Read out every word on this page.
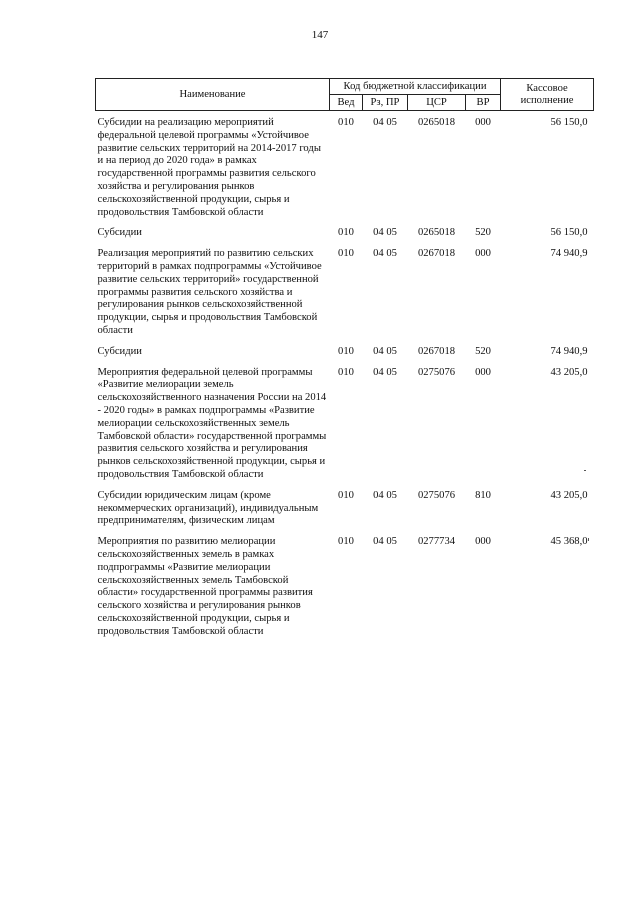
147
Наименование	Код бюджетной классификации				Кассовое исполнение
	Вед	Рз, ПР	ЦСР	ВР	
Субсидии на реализацию мероприятий федеральной целевой программы «Устойчивое развитие сельских территорий на 2014-2017 годы и на период до 2020 года» в рамках государственной программы развития сельского хозяйства и регулирования рынков сельскохозяйственной продукции, сырья и продовольствия Тамбовской области	010	04 05	0265018	000	56 150,0
Субсидии	010	04 05	0265018	520	56 150,0
Реализация мероприятий по развитию сельских территорий в рамках подпрограммы «Устойчивое развитие сельских территорий» государственной программы развития сельского хозяйства и регулирования рынков сельскохозяйственной продукции, сырья и продовольствия Тамбовской области	010	04 05	0267018	000	74 940,9
Субсидии	010	04 05	0267018	520	74 940,9
Мероприятия федеральной целевой программы «Развитие мелиорации земель сельскохозяйственного назначения России на 2014 - 2020 годы» в рамках подпрограммы «Развитие мелиорации сельскохозяйственных земель Тамбовской области» государственной программы развития сельского хозяйства и регулирования рынков сельскохозяйственной продукции, сырья и продовольствия Тамбовской области	010	04 05	0275076	000	43 205,0
Субсидии юридическим лицам (кроме некоммерческих организаций), индивидуальным предпринимателям, физическим лицам	010	04 05	0275076	810	43 205,0
Мероприятия по развитию мелиорации сельскохозяйственных земель в рамках подпрограммы «Развитие мелиорации сельскохозяйственных земель Тамбовской области» государственной программы развития сельского хозяйства и регулирования рынков сельскохозяйственной продукции, сырья и продовольствия Тамбовской области	010	04 05	0277734	000	45 368,0
